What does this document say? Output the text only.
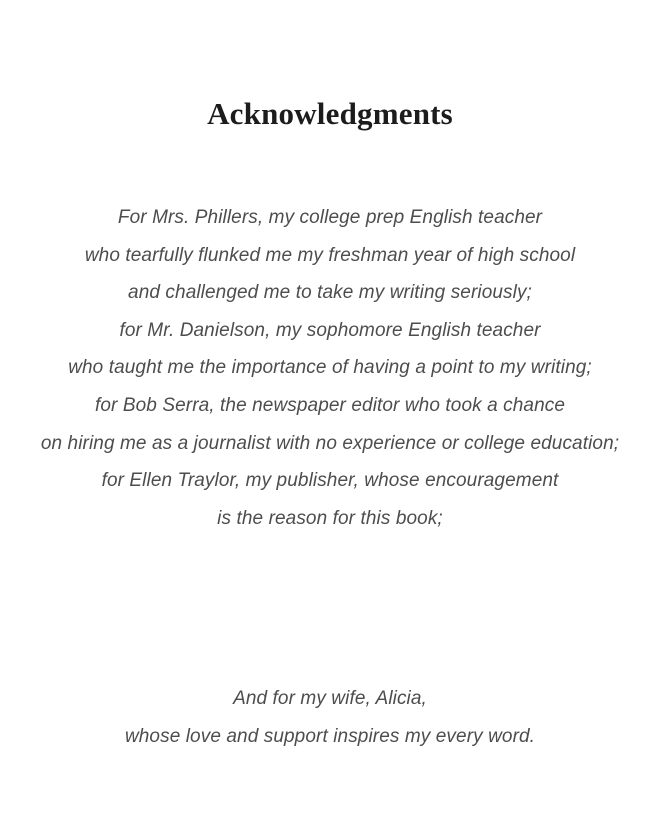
Acknowledgments
For Mrs. Phillers, my college prep English teacher
who tearfully flunked me my freshman year of high school
and challenged me to take my writing seriously;
for Mr. Danielson, my sophomore English teacher
who taught me the importance of having a point to my writing;
for Bob Serra, the newspaper editor who took a chance
on hiring me as a journalist with no experience or college education;
for Ellen Traylor, my publisher, whose encouragement
is the reason for this book;
And for my wife, Alicia,
whose love and support inspires my every word.
